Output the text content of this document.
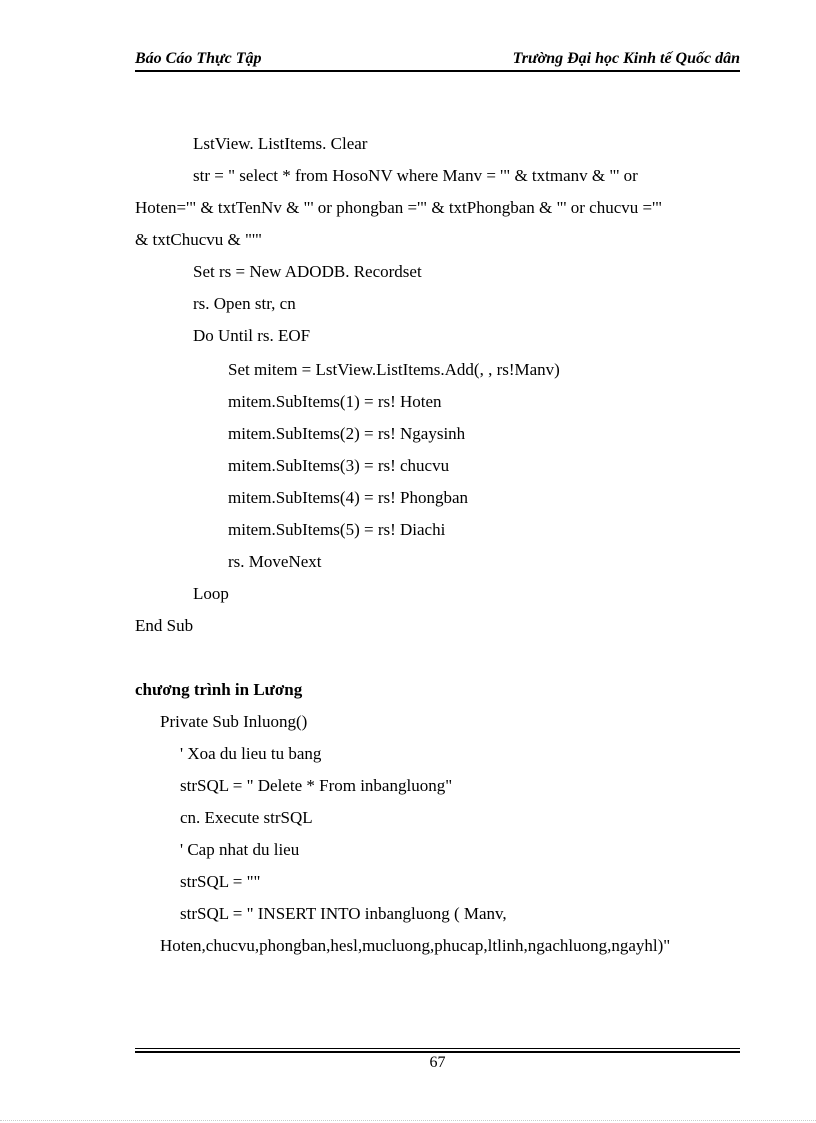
Báo Cáo Thực Tập	Trường Đại học Kinh tế Quốc dân
LstView. ListItems. Clear
str = " select * from HosoNV where Manv = '" & txtmanv & "' or
Hoten='" & txtTenNv & "' or phongban ='" & txtPhongban & "' or chucvu ='"
& txtChucvu & "'"
Set rs = New ADODB. Recordset
rs. Open str, cn
Do Until rs. EOF
Set mitem = LstView.ListItems.Add(, , rs!Manv)
mitem.SubItems(1) = rs! Hoten
mitem.SubItems(2) = rs! Ngaysinh
mitem.SubItems(3) = rs! chucvu
mitem.SubItems(4) = rs! Phongban
mitem.SubItems(5) = rs! Diachi
rs. MoveNext
Loop
End Sub
chương trình in Lương
Private Sub Inluong()
' Xoa du lieu tu bang
strSQL = " Delete * From inbangluong"
cn. Execute strSQL
' Cap nhat du lieu
strSQL = ""
strSQL = " INSERT INTO inbangluong ( Manv,
Hoten,chucvu,phongban,hesl,mucluong,phucap,ltlinh,ngachluong,ngayhl)"
67
